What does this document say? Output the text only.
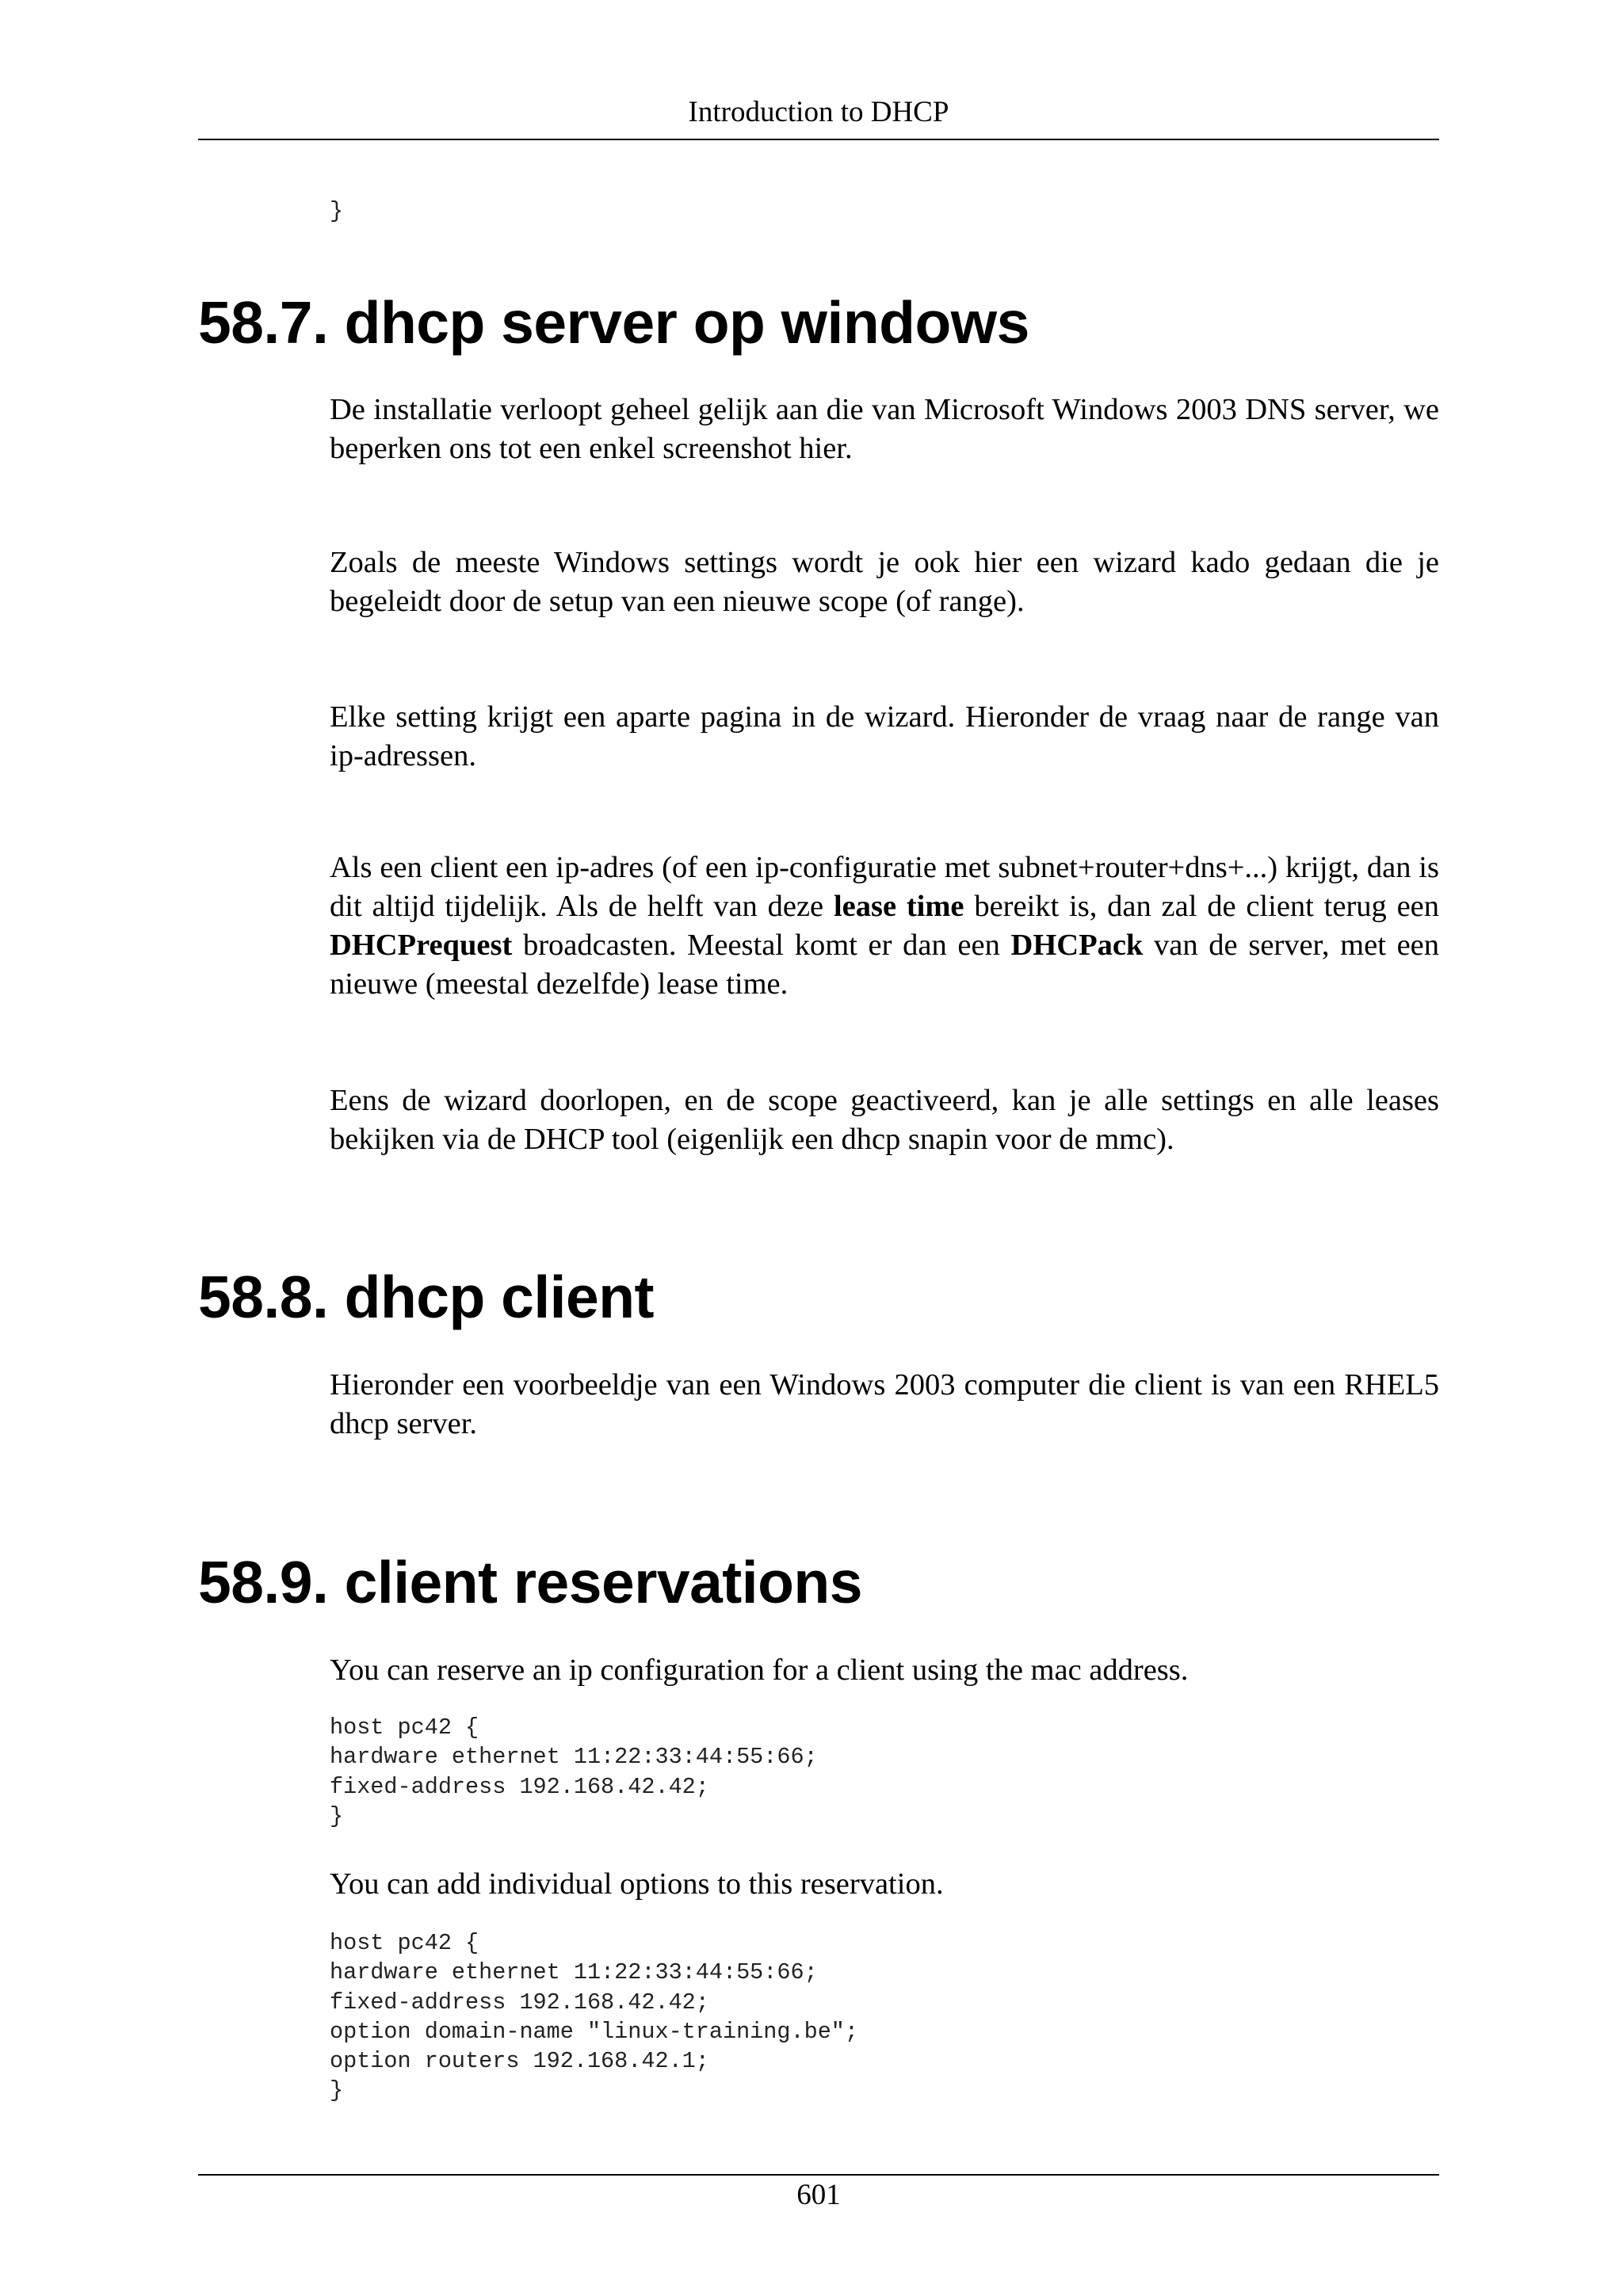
Introduction to DHCP
}
58.7. dhcp server op windows

De installatie verloopt geheel gelijk aan die van Microsoft Windows 2003 DNS server, we beperken ons tot een enkel screenshot hier.

Zoals de meeste Windows settings wordt je ook hier een wizard kado gedaan die je begeleidt door de setup van een nieuwe scope (of range).

Elke setting krijgt een aparte pagina in de wizard. Hieronder de vraag naar de range van ip-adressen.

Als een client een ip-adres (of een ip-configuratie met subnet+router+dns+...) krijgt, dan is dit altijd tijdelijk. Als de helft van deze lease time bereikt is, dan zal de client terug een DHCPrequest broadcasten. Meestal komt er dan een DHCPack van de server, met een nieuwe (meestal dezelfde) lease time.

Eens de wizard doorlopen, en de scope geactiveerd, kan je alle settings en alle leases bekijken via de DHCP tool (eigenlijk een dhcp snapin voor de mmc).

58.8. dhcp client

Hieronder een voorbeeldje van een Windows 2003 computer die client is van een RHEL5 dhcp server.

58.9. client reservations

You can reserve an ip configuration for a client using the mac address.

host pc42 {
hardware ethernet 11:22:33:44:55:66;
fixed-address 192.168.42.42;
}

You can add individual options to this reservation.

host pc42 {
hardware ethernet 11:22:33:44:55:66;
fixed-address 192.168.42.42;
option domain-name "linux-training.be";
option routers 192.168.42.1;
}
601
